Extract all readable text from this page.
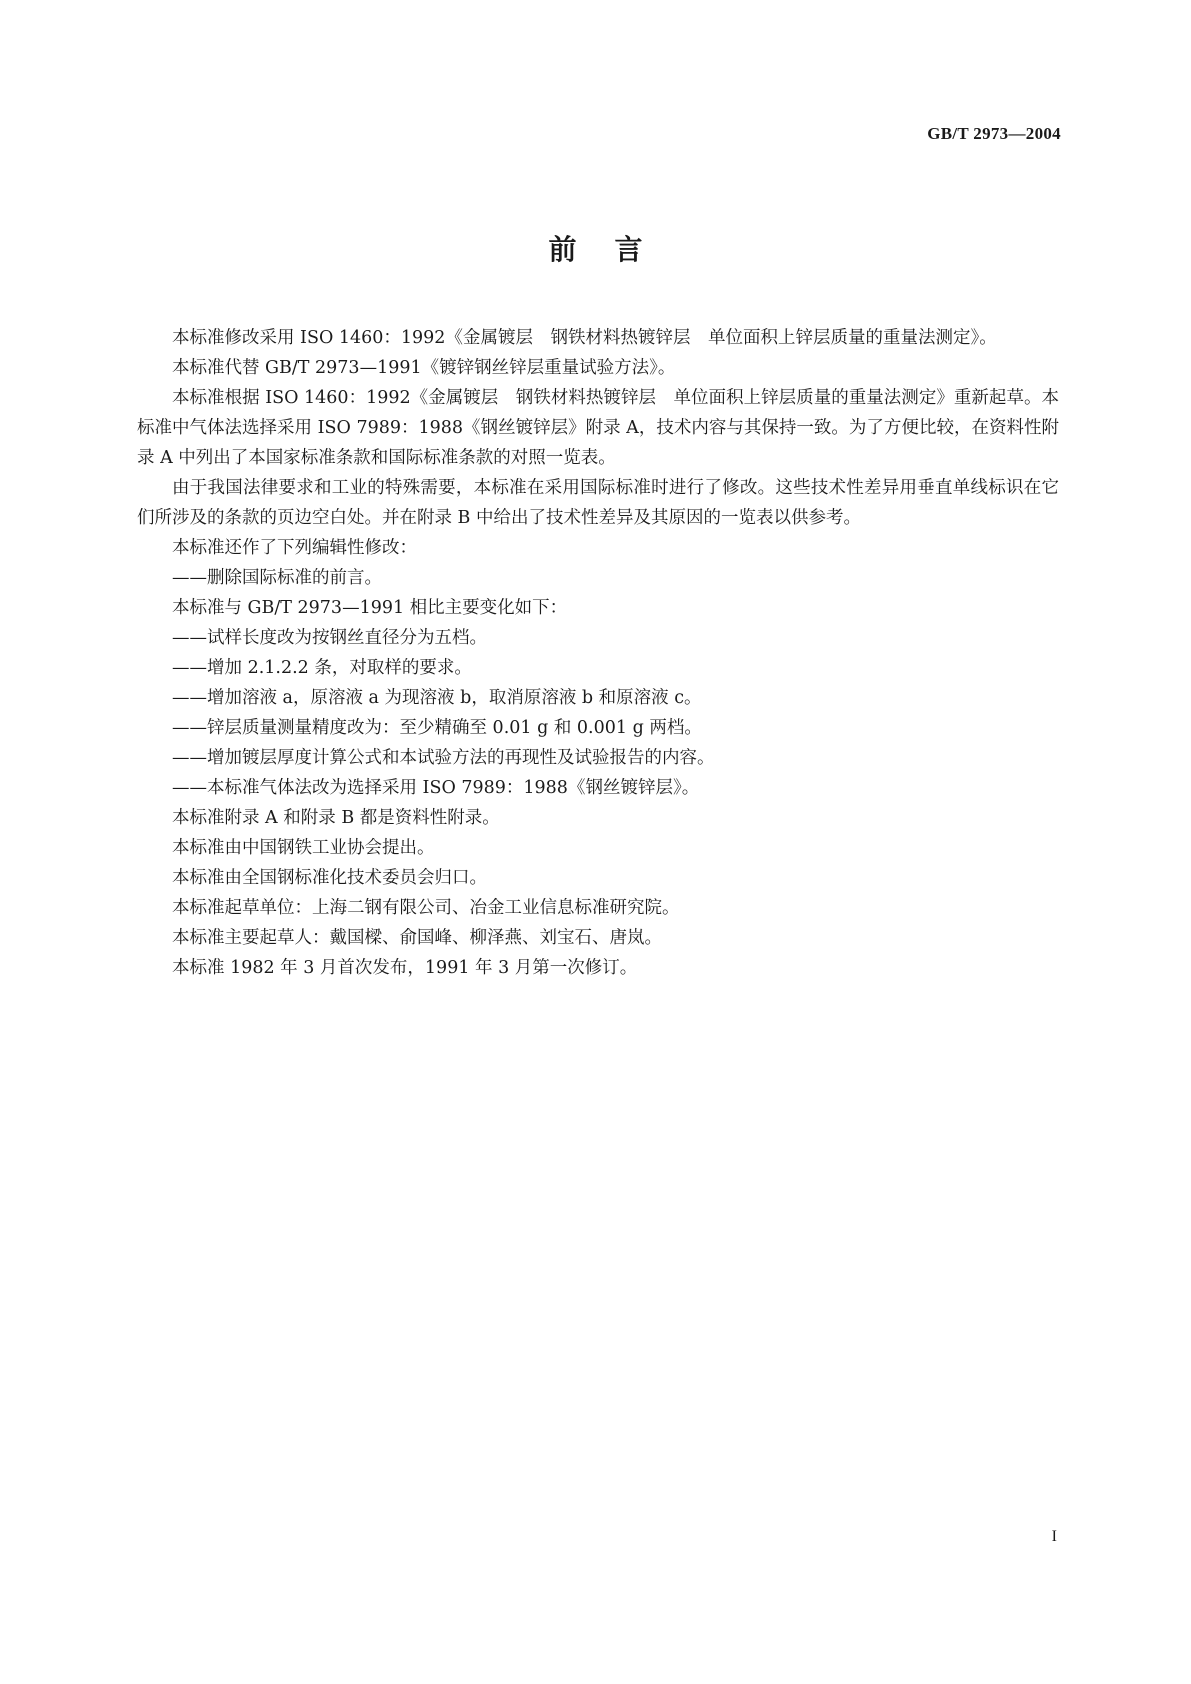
GB/T 2973—2004
前言

本标准修改采用 ISO 1460：1992《金属镀层　钢铁材料热镀锌层　单位面积上锌层质量的重量法测定》。

本标准代替 GB/T 2973—1991《镀锌钢丝锌层重量试验方法》。

本标准根据 ISO 1460：1992《金属镀层　钢铁材料热镀锌层　单位面积上锌层质量的重量法测定》重新起草。本标准中气体法选择采用 ISO 7989：1988《钢丝镀锌层》附录 A，技术内容与其保持一致。为了方便比较，在资料性附录 A 中列出了本国家标准条款和国际标准条款的对照一览表。

由于我国法律要求和工业的特殊需要，本标准在采用国际标准时进行了修改。这些技术性差异用垂直单线标识在它们所涉及的条款的页边空白处。并在附录 B 中给出了技术性差异及其原因的一览表以供参考。

本标准还作了下列编辑性修改：

——删除国际标准的前言。

本标准与 GB/T 2973—1991 相比主要变化如下：

——试样长度改为按钢丝直径分为五档。

——增加 2.1.2.2 条，对取样的要求。

——增加溶液 a，原溶液 a 为现溶液 b，取消原溶液 b 和原溶液 c。

——锌层质量测量精度改为：至少精确至 0.01 g 和 0.001 g 两档。

——增加镀层厚度计算公式和本试验方法的再现性及试验报告的内容。

——本标准气体法改为选择采用 ISO 7989：1988《钢丝镀锌层》。

本标准附录 A 和附录 B 都是资料性附录。

本标准由中国钢铁工业协会提出。

本标准由全国钢标准化技术委员会归口。

本标准起草单位：上海二钢有限公司、冶金工业信息标准研究院。

本标准主要起草人：戴国樑、俞国峰、柳泽燕、刘宝石、唐岚。

本标准 1982 年 3 月首次发布，1991 年 3 月第一次修订。

I
